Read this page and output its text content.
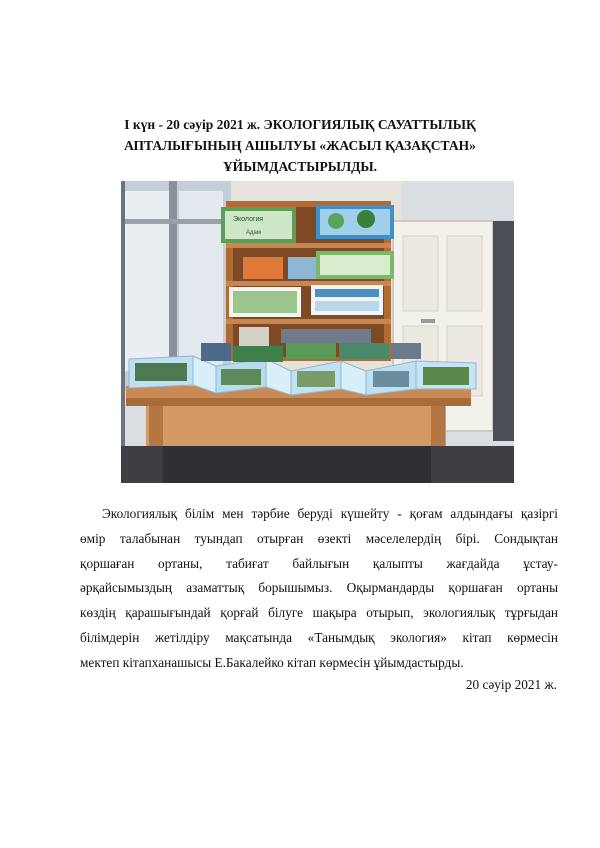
І күн - 20 сәуір 2021 ж. ЭКОЛОГИЯЛЫҚ САУАТТЫЛЫҚ
АПТАЛЫҒЫНЫҢ АШЫЛУЫ «ЖАСЫЛ ҚАЗАҚСТАН»
ҰЙЫМДАСТЫРЫЛДЫ.
Экология
Адам
Экологиялық білім мен тәрбие беруді күшейту - қоғам алдындағы қазіргі
өмір талабынан туындап отырған өзекті мәселелердің бірі. Сондықтан
қоршаған ортаны, табиғат байлығын қалыпты жағдайда ұстау-
әрқайсымыздың азаматтық борышымыз. Оқырмандарды қоршаған ортаны
көздің қарашығындай қорғай білуге шақыра отырып, экологиялық тұрғыдан
білімдерін жетілдіру мақсатында «Танымдық экология» кітап көрмесін
мектеп кітапханашысы Е.Бакалейко кітап көрмесін ұйымдастырды.
20 сәуір 2021 ж.
